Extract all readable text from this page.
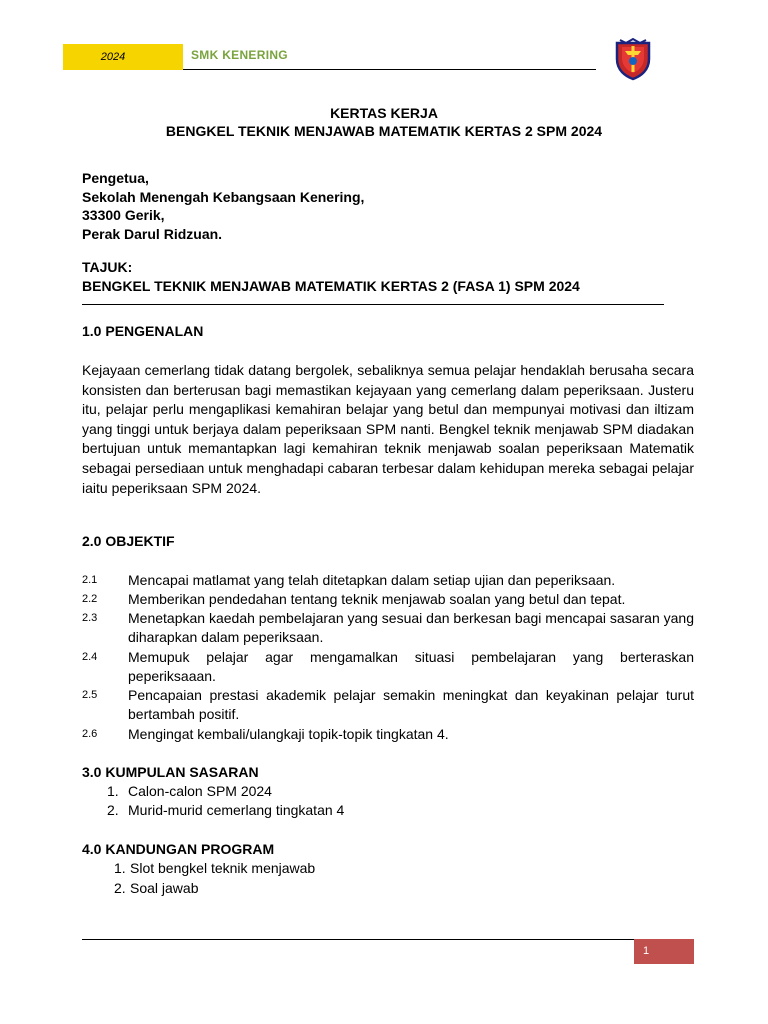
2024	SMK KENERING
KERTAS KERJA
BENGKEL TEKNIK MENJAWAB MATEMATIK KERTAS 2 SPM 2024
Pengetua,
Sekolah Menengah Kebangsaan Kenering,
33300 Gerik,
Perak Darul Ridzuan.
TAJUK:
BENGKEL TEKNIK MENJAWAB MATEMATIK KERTAS 2 (FASA 1) SPM 2024
1.0 PENGENALAN
Kejayaan cemerlang tidak datang bergolek, sebaliknya semua pelajar hendaklah berusaha secara konsisten dan berterusan bagi memastikan kejayaan yang cemerlang dalam peperiksaan. Justeru itu, pelajar perlu mengaplikasi kemahiran belajar yang betul dan mempunyai motivasi dan iltizam yang tinggi untuk berjaya dalam peperiksaan SPM nanti. Bengkel teknik menjawab SPM diadakan bertujuan untuk memantapkan lagi kemahiran teknik menjawab soalan peperiksaan Matematik sebagai persediaan untuk menghadapi cabaran terbesar dalam kehidupan mereka sebagai pelajar iaitu peperiksaan SPM 2024.
2.0 OBJEKTIF
2.1 Mencapai matlamat yang telah ditetapkan dalam setiap ujian dan peperiksaan.
2.2 Memberikan pendedahan tentang teknik menjawab soalan yang betul dan tepat.
2.3 Menetapkan kaedah pembelajaran yang sesuai dan berkesan bagi mencapai sasaran yang diharapkan dalam peperiksaan.
2.4 Memupuk pelajar agar mengamalkan situasi pembelajaran yang berteraskan peperiksaaan.
2.5 Pencapaian prestasi akademik pelajar semakin meningkat dan keyakinan pelajar turut bertambah positif.
2.6 Mengingat kembali/ulangkaji topik-topik tingkatan 4.
3.0 KUMPULAN SASARAN
1. Calon-calon SPM 2024
2. Murid-murid cemerlang tingkatan 4
4.0 KANDUNGAN PROGRAM
1. Slot bengkel teknik menjawab
2. Soal jawab
1
